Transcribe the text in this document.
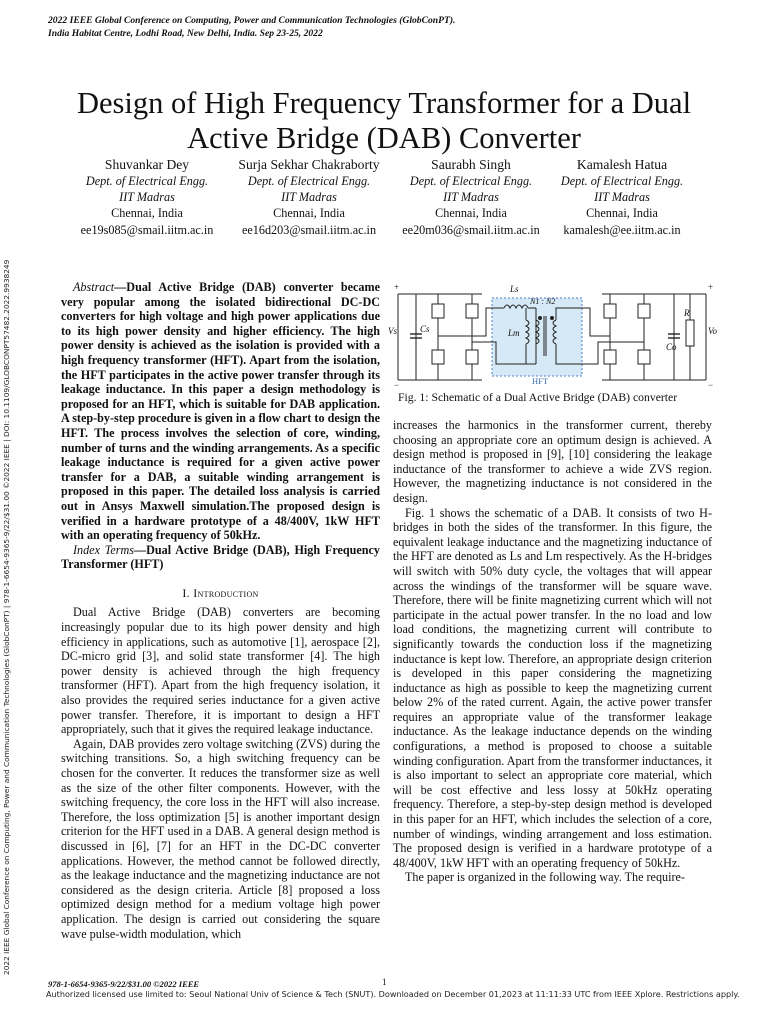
2022 IEEE Global Conference on Computing, Power and Communication Technologies (GlobConPT).
India Habitat Centre, Lodhi Road, New Delhi, India. Sep 23-25, 2022
2022 IEEE Global Conference on Computing, Power and Communication Technologies (GlobConPT) | 978-1-6654-9365-9/22/$31.00 ©2022 IEEE | DOI: 10.1109/GLOBCONPT57482.2022.9938249
Design of High Frequency Transformer for a Dual Active Bridge (DAB) Converter
Shuvankar Dey
Dept. of Electrical Engg.
IIT Madras
Chennai, India
ee19s085@smail.iitm.ac.in
Surja Sekhar Chakraborty
Dept. of Electrical Engg.
IIT Madras
Chennai, India
ee16d203@smail.iitm.ac.in
Saurabh Singh
Dept. of Electrical Engg.
IIT Madras
Chennai, India
ee20m036@smail.iitm.ac.in
Kamalesh Hatua
Dept. of Electrical Engg.
IIT Madras
Chennai, India
kamalesh@ee.iitm.ac.in

Abstract—Dual Active Bridge (DAB) converter became very popular among the isolated bidirectional DC-DC converters for high voltage and high power applications due to its high power density and higher efficiency. The high power density is achieved as the isolation is provided with a high frequency transformer (HFT). Apart from the isolation, the HFT participates in the active power transfer through its leakage inductance. In this paper a design methodology is proposed for an HFT, which is suitable for DAB application. A step-by-step procedure is given in a flow chart to design the HFT. The process involves the selection of core, winding, number of turns and the winding arrangements. As a specific leakage inductance is required for a given active power transfer for a DAB, a suitable winding arrangement is proposed in this paper. The detailed loss analysis is carried out in Ansys Maxwell simulation.The proposed design is verified in a hardware prototype of a 48/400V, 1kW HFT with an operating frequency of 50kHz.

Index Terms—Dual Active Bridge (DAB), High Frequency Transformer (HFT)

I. Introduction

Dual Active Bridge (DAB) converters are becoming increasingly popular due to its high power density and high efficiency in applications, such as automotive [1], aerospace [2], DC-micro grid [3], and solid state transformer [4]. The high power density is achieved through the high frequency transformer (HFT). Apart from the high frequency isolation, it also provides the required series inductance for a given active power transfer. Therefore, it is important to design a HFT appropriately, such that it gives the required leakage inductance.

Again, DAB provides zero voltage switching (ZVS) during the switching transitions. So, a high switching frequency can be chosen for the converter. It reduces the transformer size as well as the size of the other filter components. However, with the switching frequency, the core loss in the HFT will also increase. Therefore, the loss optimization [5] is another important design criterion for the HFT used in a DAB. A general design method is discussed in [6], [7] for an HFT in the DC-DC converter applications. However, the method cannot be followed directly, as the leakage inductance and the magnetizing inductance are not considered as the design criteria. Article [8] proposed a loss optimized design method for a medium voltage high power application. The design is carried out considering the square wave pulse-width modulation, which

+
−
Vs	Cs
Ls
N1 : N2
Lm
HFT
Co
R
Vo
+
−
Fig. 1: Schematic of a Dual Active Bridge (DAB) converter

increases the harmonics in the transformer current, thereby choosing an appropriate core an optimum design is achieved. A design method is proposed in [9], [10] considering the leakage inductance of the transformer to achieve a wide ZVS region. However, the magnetizing inductance is not considered in the design.

Fig. 1 shows the schematic of a DAB. It consists of two H-bridges in both the sides of the transformer. In this figure, the equivalent leakage inductance and the magnetizing inductance of the HFT are denoted as Ls and Lm respectively. As the H-bridges will switch with 50% duty cycle, the voltages that will appear across the windings of the transformer will be square wave. Therefore, there will be finite magnetizing current which will not participate in the actual power transfer. In the no load and low load conditions, the magnetizing current will contribute to significantly towards the conduction loss if the magnetizing inductance is kept low. Therefore, an appropriate design criterion is developed in this paper considering the magnetizing inductance as high as possible to keep the magnetizing current below 2% of the rated current. Again, the active power transfer requires an appropriate value of the transformer leakage inductance. As the leakage inductance depends on the winding configurations, a method is proposed to choose a suitable winding configuration. Apart from the transformer inductances, it is also important to select an appropriate core material, which will be cost effective and less lossy at 50kHz operating frequency. Therefore, a step-by-step design method is developed in this paper for an HFT, which includes the selection of a core, number of windings, winding arrangement and loss estimation. The proposed design is verified in a hardware prototype of a 48/400V, 1kW HFT with an operating frequency of 50kHz.

The paper is organized in the following way. The require-

978-1-6654-9365-9/22/$31.00 ©2022 IEEE	1
Authorized licensed use limited to: Seoul National Univ of Science & Tech (SNUT). Downloaded on December 01,2023 at 11:11:33 UTC from IEEE Xplore. Restrictions apply.
